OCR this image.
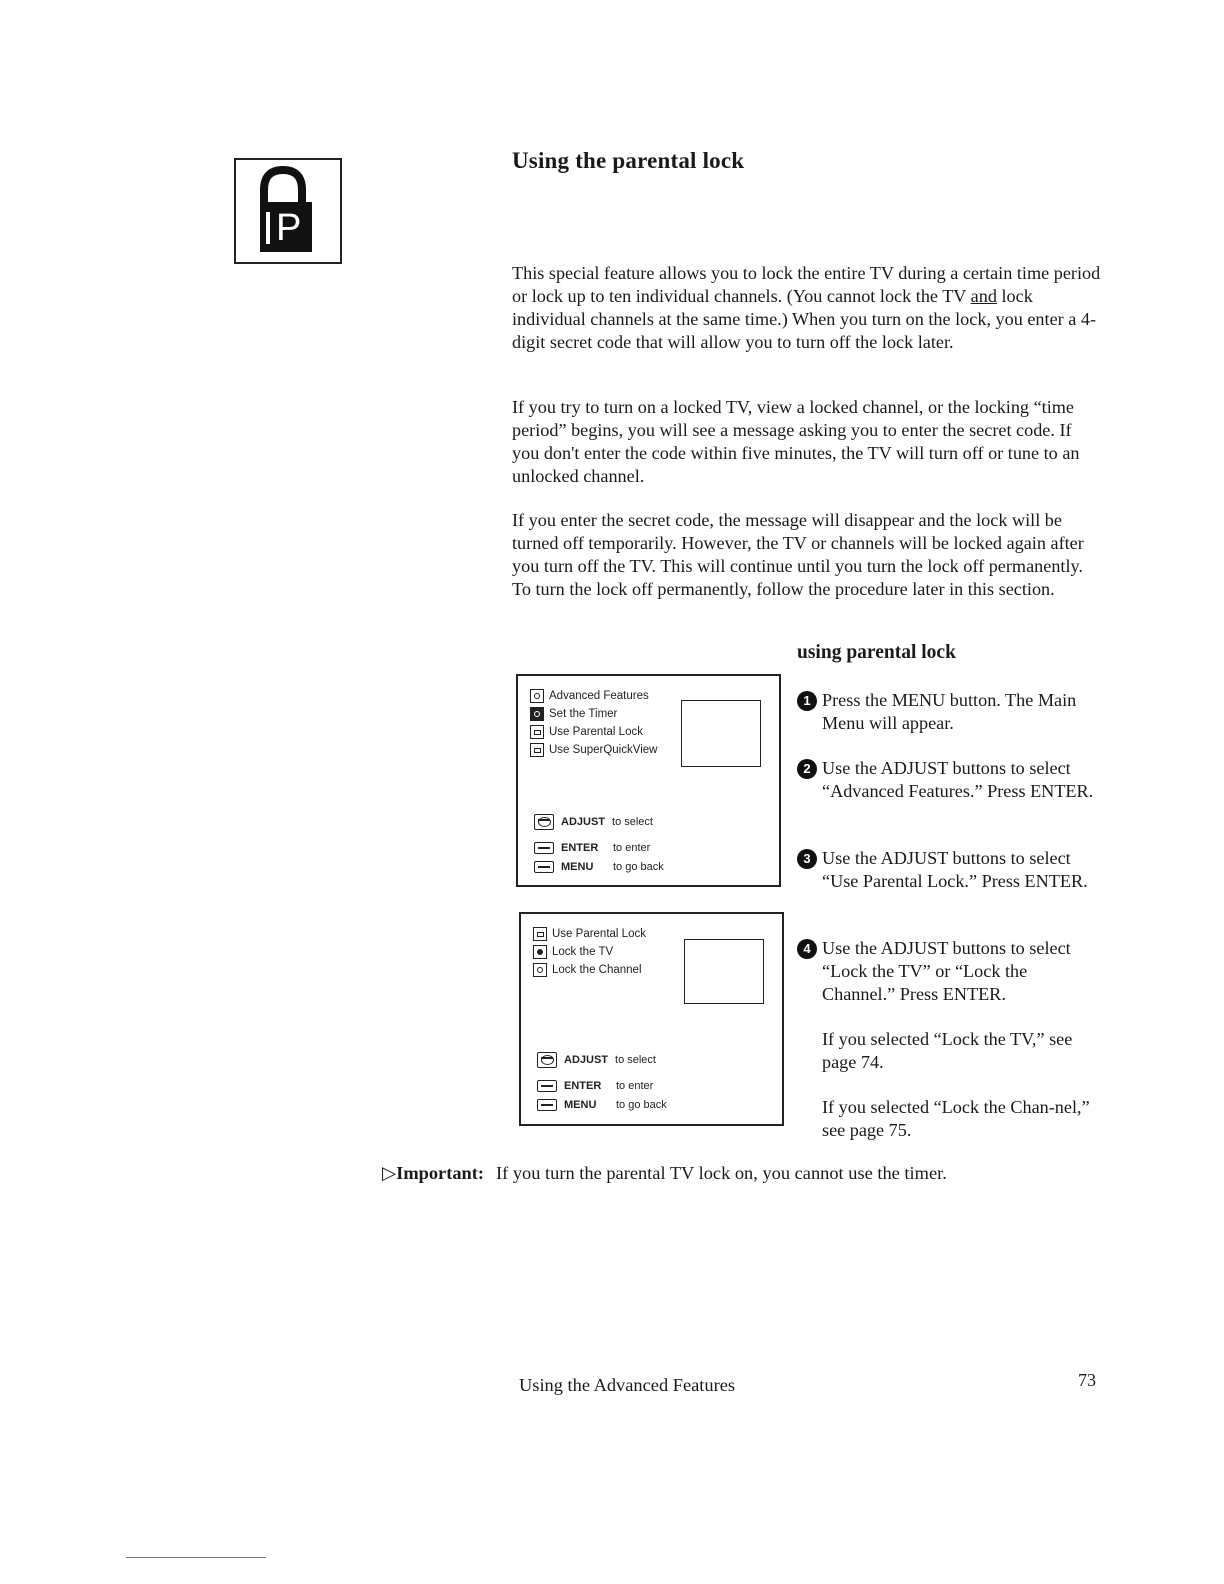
P
Using the parental lock

This special feature allows you to lock the entire TV during a certain time period or lock up to ten individual channels. (You cannot lock the TV and lock individual channels at the same time.) When you turn on the lock, you enter a 4-digit secret code that will allow you to turn off the lock later.

If you try to turn on a locked TV, view a locked channel, or the locking “time period” begins, you will see a message asking you to enter the secret code. If you don't enter the code within five minutes, the TV will turn off or tune to an unlocked channel.

If you enter the secret code, the message will disappear and the lock will be turned off temporarily. However, the TV or channels will be locked again after you turn off the TV. This will continue until you turn the lock off permanently. To turn the lock off permanently, follow the procedure later in this section.

using parental lock
Advanced Features
Set the Timer
Use Parental Lock
Use SuperQuickView
ADJUST to select
ENTER	to enter
MENU	to go back
Use Parental Lock
Lock the TV
Lock the Channel
ADJUST to select
ENTER	to enter
MENU	to go back
1 Press the MENU button. The Main Menu will appear.
2 Use the ADJUST buttons to select “Advanced Features.” Press ENTER.
3 Use the ADJUST buttons to select “Use Parental Lock.” Press ENTER.
4 Use the ADJUST buttons to select “Lock the TV” or “Lock the Channel.” Press ENTER.
If you selected “Lock the TV,” see page 74.
If you selected “Lock the Chan-nel,” see page 75.
▷Important: If you turn the parental TV lock on, you cannot use the timer.
Using the Advanced Features	73
